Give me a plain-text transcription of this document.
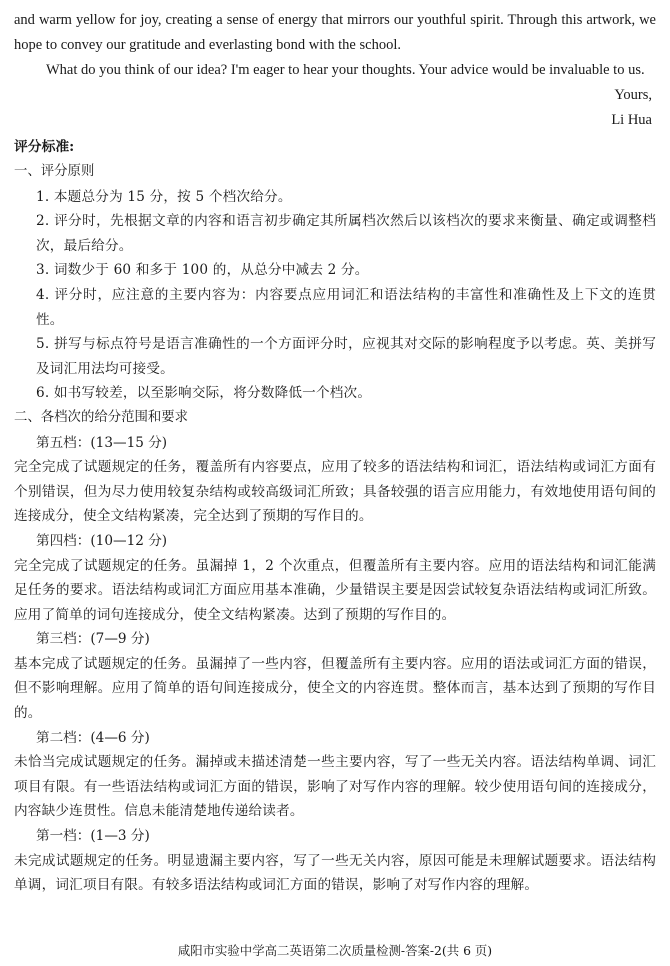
and warm yellow for joy, creating a sense of energy that mirrors our youthful spirit. Through this artwork, we hope to convey our gratitude and everlasting bond with the school.
What do you think of our idea? I'm eager to hear your thoughts. Your advice would be invaluable to us.
Yours,
Li Hua
评分标准:
一、评分原则
1. 本题总分为 15 分，按 5 个档次给分。
2. 评分时，先根据文章的内容和语言初步确定其所属档次然后以该档次的要求来衡量、确定或调整档次，最后给分。
3. 词数少于 60 和多于 100 的，从总分中减去 2 分。
4. 评分时，应注意的主要内容为：内容要点应用词汇和语法结构的丰富性和准确性及上下文的连贯性。
5. 拼写与标点符号是语言准确性的一个方面评分时，应视其对交际的影响程度予以考虑。英、美拼写及词汇用法均可接受。
6. 如书写较差，以至影响交际，将分数降低一个档次。
二、各档次的给分范围和要求
第五档：(13—15 分)
完全完成了试题规定的任务，覆盖所有内容要点，应用了较多的语法结构和词汇，语法结构或词汇方面有个别错误，但为尽力使用较复杂结构或较高级词汇所致；具备较强的语言应用能力，有效地使用语句间的连接成分，使全文结构紧凑，完全达到了预期的写作目的。
第四档：(10—12 分)
完全完成了试题规定的任务。虽漏掉 1，2 个次重点，但覆盖所有主要内容。应用的语法结构和词汇能满足任务的要求。语法结构或词汇方面应用基本准确，少量错误主要是因尝试较复杂语法结构或词汇所致。应用了简单的词句连接成分，使全文结构紧凑。达到了预期的写作目的。
第三档：(7—9 分)
基本完成了试题规定的任务。虽漏掉了一些内容，但覆盖所有主要内容。应用的语法或词汇方面的错误，但不影响理解。应用了简单的语句间连接成分，使全文的内容连贯。整体而言，基本达到了预期的写作目的。
第二档：(4—6 分)
未恰当完成试题规定的任务。漏掉或未描述清楚一些主要内容，写了一些无关内容。语法结构单调、词汇项目有限。有一些语法结构或词汇方面的错误，影响了对写作内容的理解。较少使用语句间的连接成分，内容缺少连贯性。信息未能清楚地传递给读者。
第一档：(1—3 分)
未完成试题规定的任务。明显遗漏主要内容，写了一些无关内容，原因可能是未理解试题要求。语法结构单调，词汇项目有限。有较多语法结构或词汇方面的错误，影响了对写作内容的理解。
咸阳市实验中学高二英语第二次质量检测-答案-2(共 6 页)
